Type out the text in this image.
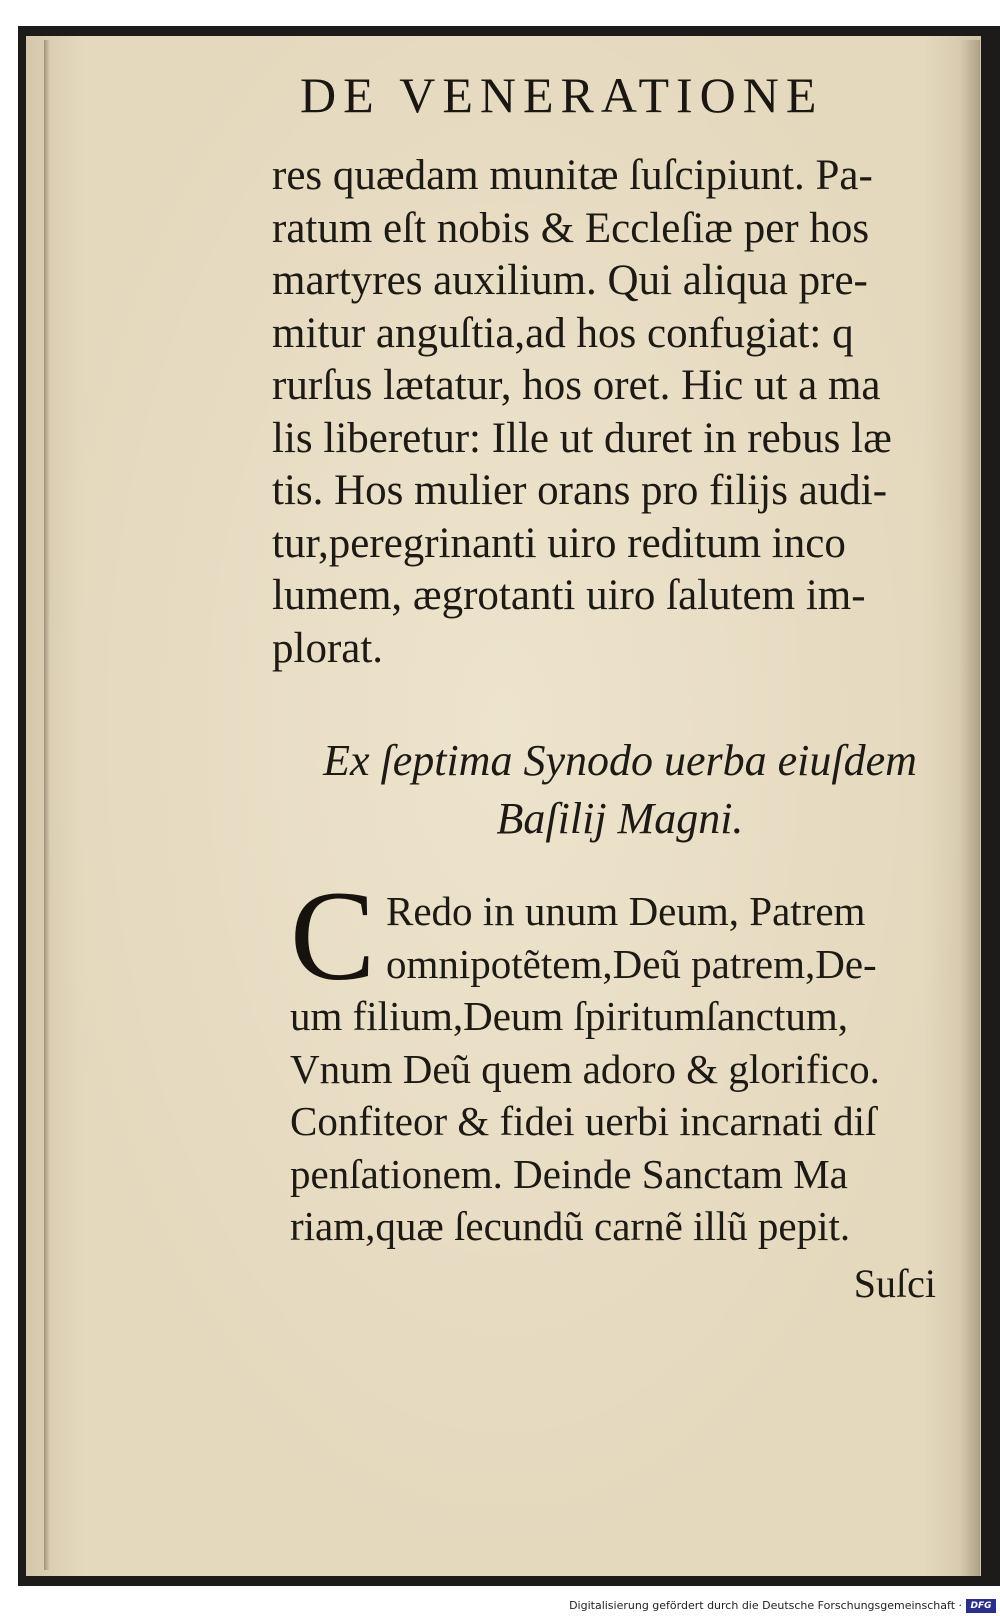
DE VENERATIONE
res quædam munitæ ſuſcipiunt. Pa-
ratum eſt nobis & Eccleſiæ per hos
martyres auxilium. Qui aliqua pre-
mitur anguſtia,ad hos confugiat: q
rurſus lætatur, hos oret. Hic ut a ma
lis liberetur: Ille ut duret in rebus læ
tis. Hos mulier orans pro filijs audi-
tur,peregrinanti uiro reditum inco
lumem, ægrotanti uiro ſalutem im-
plorat.
Ex ſeptima Synodo uerba eiuſdem
Baſilij Magni.
C Redo in unum Deum, Patrem
omnipotẽtem,Deũ patrem,De-
um filium,Deum ſpiritumſanctum,
Vnum Deũ quem adoro & glorifico.
Confiteor & fidei uerbi incarnati diſ
penſationem. Deinde Sanctam Ma
riam,quæ ſecundũ carnẽ illũ pepit.
Suſci
Digitalisierung gefördert durch die Deutsche Forschungsgemeinschaft · DFG
